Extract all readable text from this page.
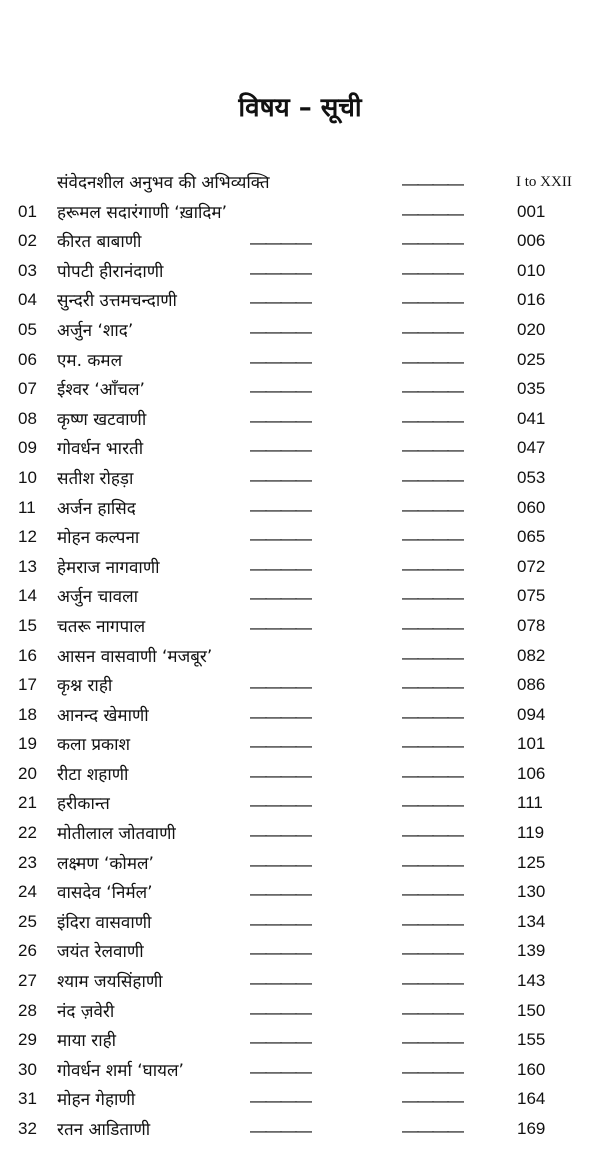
विषय – सूची
संवेदनशील अनुभव की अभिव्यक्ति	————	I to XXII
01 हरूमल सदारंगाणी ‘ख़ादिम’	————	001
02 कीरत बाबाणी	————	————	006
03 पोपटी हीरानंदाणी	————	————	010
04 सुन्दरी उत्तमचन्दाणी	————	————	016
05 अर्जुन ‘शाद’	————	————	020
06 एम. कमल	————	————	025
07 ईश्वर ‘आँचल’	————	————	035
08 कृष्ण खटवाणी	————	————	041
09 गोवर्धन भारती	————	————	047
10 सतीश रोहड़ा	————	————	053
11 अर्जन हासिद	————	————	060
12 मोहन कल्पना	————	————	065
13 हेमराज नागवाणी	————	————	072
14 अर्जुन चावला	————	————	075
15 चतरू नागपाल	————	————	078
16 आसन वासवाणी ‘मजबूर’	————	082
17 कृश्न राही	————	————	086
18 आनन्द खेमाणी	————	————	094
19 कला प्रकाश	————	————	101
20 रीटा शहाणी	————	————	106
21 हरीकान्त	————	————	111
22 मोतीलाल जोतवाणी	————	————	119
23 लक्ष्मण ‘कोमल’	————	————	125
24 वासदेव ‘निर्मल’	————	————	130
25 इंदिरा वासवाणी	————	————	134
26 जयंत रेलवाणी	————	————	139
27 श्याम जयसिंहाणी	————	————	143
28 नंद ज़वेरी	————	————	150
29 माया राही	————	————	155
30 गोवर्धन शर्मा ‘घायल’	————	————	160
31 मोहन गेहाणी	————	————	164
32 रतन आडिताणी	————	————	169
